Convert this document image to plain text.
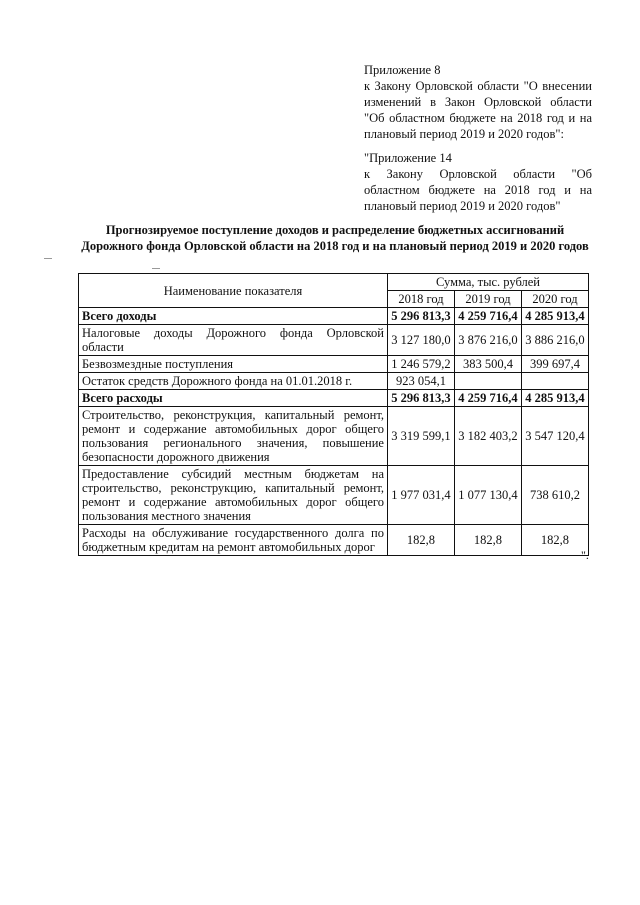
Приложение 8

к Закону Орловской области "О внесении изменений в Закон Орловской области "Об областном бюджете на 2018 год и на плановый период 2019 и 2020 годов":

"Приложение 14

к Закону Орловской области "Об областном бюджете на 2018 год и на плановый период 2019 и 2020 годов"

Прогнозируемое поступление доходов и распределение бюджетных ассигнований Дорожного фонда Орловской области на 2018 год и на плановый период 2019 и 2020 годов
Наименование показателя	Сумма, тыс. рублей		
	2018 год	2019 год	2020 год
Всего доходы	5 296 813,3	4 259 716,4	4 285 913,4
Налоговые доходы Дорожного фонда Орловской области	3 127 180,0	3 876 216,0	3 886 216,0
Безвозмездные поступления	1 246 579,2	383 500,4	399 697,4
Остаток средств Дорожного фонда на 01.01.2018 г.	923 054,1		
Всего расходы	5 296 813,3	4 259 716,4	4 285 913,4
Строительство, реконструкция, капитальный ремонт, ремонт и содержание автомобильных дорог общего пользования регионального значения, повышение безопасности дорожного движения	3 319 599,1	3 182 403,2	3 547 120,4
Предоставление субсидий местным бюджетам на строительство, реконструкцию, капитальный ремонт, ремонт и содержание автомобильных дорог общего пользования местного значения	1 977 031,4	1 077 130,4	738 610,2
Расходы на обслуживание государственного долга по бюджетным кредитам на ремонт автомобильных дорог	182,8	182,8	182,8
".
